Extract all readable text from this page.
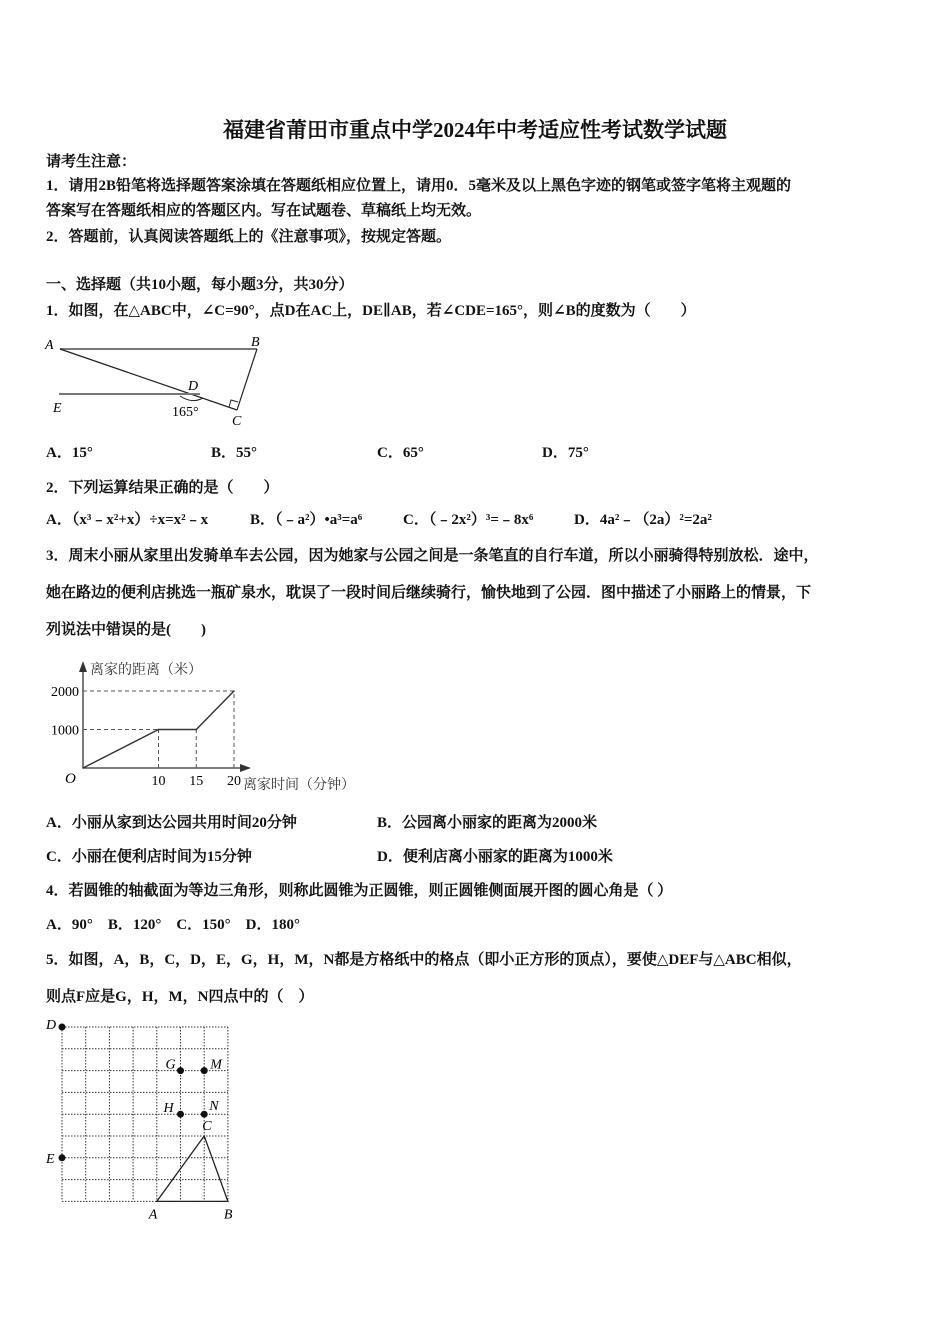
福建省莆田市重点中学2024年中考适应性考试数学试题
请考生注意：
1．请用2B铅笔将选择题答案涂填在答题纸相应位置上，请用0．5毫米及以上黑色字迹的钢笔或签字笔将主观题的
答案写在答题纸相应的答题区内。写在试题卷、草稿纸上均无效。
2．答题前，认真阅读答题纸上的《注意事项》，按规定答题。
一、选择题（共10小题，每小题3分，共30分）
1．如图，在△ABC中，∠C=90°，点D在AC上，DE∥AB，若∠CDE=165°，则∠B的度数为（　　）
A	B
C
D
E	165°
A．15°	B．55°	C．65°	D．75°
2．下列运算结果正确的是（　　）
A．（x³﹣x²+x）÷x=x²﹣x	B．（﹣a²）•a³=a⁶	C．（﹣2x²）³=﹣8x⁶	D．4a²﹣（2a）²=2a²
3．周末小丽从家里出发骑单车去公园，因为她家与公园之间是一条笔直的自行车道，所以小丽骑得特别放松．途中，
她在路边的便利店挑选一瓶矿泉水，耽误了一段时间后继续骑行，愉快地到了公园．图中描述了小丽路上的情景，下
列说法中错误的是(　　)
1000
2000
10 15 20
离家的距离（米）
离家时间（分钟）
O
A．小丽从家到达公园共用时间20分钟	B．公园离小丽家的距离为2000米
C．小丽在便利店时间为15分钟	D．便利店离小丽家的距离为1000米
4．若圆锥的轴截面为等边三角形，则称此圆锥为正圆锥，则正圆锥侧面展开图的圆心角是（ ）
A．90°　B．120°　C．150°　D．180°
5．如图，A，B，C，D，E，G，H，M，N都是方格纸中的格点（即小正方形的顶点），要使△DEF与△ABC相似，
则点F应是G，H，M，N四点中的（　）
D
E
G M
H	N
C
A	B
